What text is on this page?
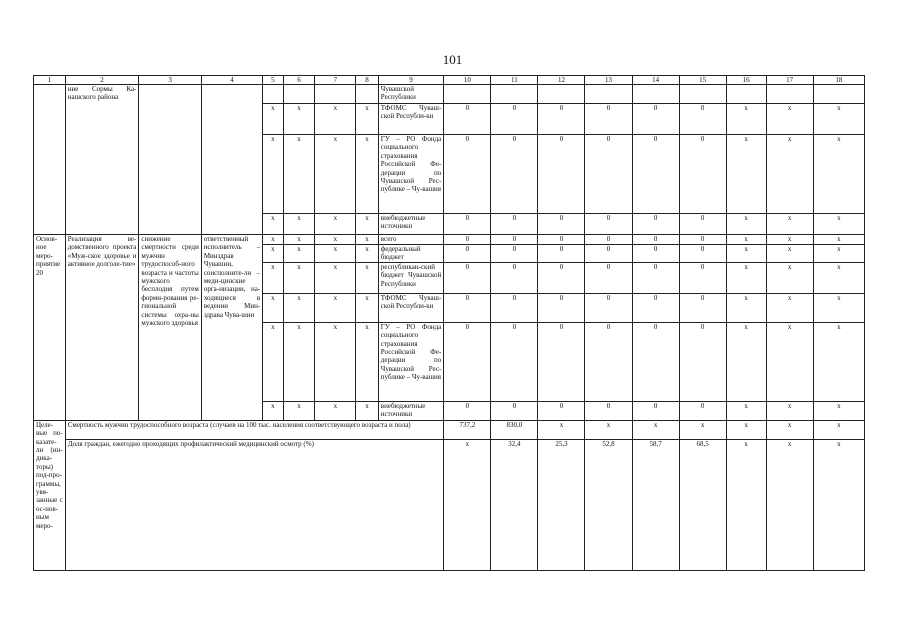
101
1	2	3	4	5	6	7	8	9	10	11	12	13	14	15	16	17	18
	ние Сормы Ка-нашского района							Чувашской Республики									
				x	x	x	x	ТФОМС Чуваш-ской Республи-ки	0	0	0	0	0	0	x	x	x
				x	x	x	x	ГУ – РО Фонда социального страхования Российской Фе-дерации по Чувашской Рес-публике – Чу-вашия	0	0	0	0	0	0	x	x	x
				x	x	x	x	внебюджетные источники	0	0	0	0	0	0	x	x	x
Основ-ное меро-приятие 20	Реализация ве-домственного проекта «Муж-ское здоровье и активное долголе-тие»	снижение смертности среди мужчин трудоспособ-ного возраста и частоты мужского бесплодия путем форми-рования ре-гиональной системы охра-ны мужского здоровья	ответственный исполнитель – Минздрав Чувашии, соисполните-ли – меди-цинские орга-низации, на-ходящиеся в ведении Мин-здрава Чува-шии	x	x	x	x	всего	0	0	0	0	0	0	x	x	x
				x	x	x	x	федеральный бюджет	0	0	0	0	0	0	x	x	x
				x	x	x	x	республикан-ский бюджет Чувашской Республики	0	0	0	0	0	0	x	x	x
				x	x	x	x	ТФОМС Чуваш-ской Республи-ки	0	0	0	0	0	0	x	x	x
				x	x	x	x	ГУ – РО Фонда социального страхования Российской Фе-дерации по Чувашской Рес-публике – Чу-вашия	0	0	0	0	0	0	x	x	x
				x	x	x	x	внебюджетные источники	0	0	0	0	0	0	x	x	x
Целе-вые по-казате-ли (ин-дика-торы) под-про-граммы, увя-занные с ос-нов-ным меро-	Смертность мужчин трудоспособного возраста (случаев на 100 тыс. населения соответствующего возраста и пола)								737,2	830,0	x	x	x	x	x	x	x
	Доля граждан, ежегодно проходящих профилактический медицинский осмотр (%)								x	32,4	25,3	52,8	58,7	68,5	x	x	x
